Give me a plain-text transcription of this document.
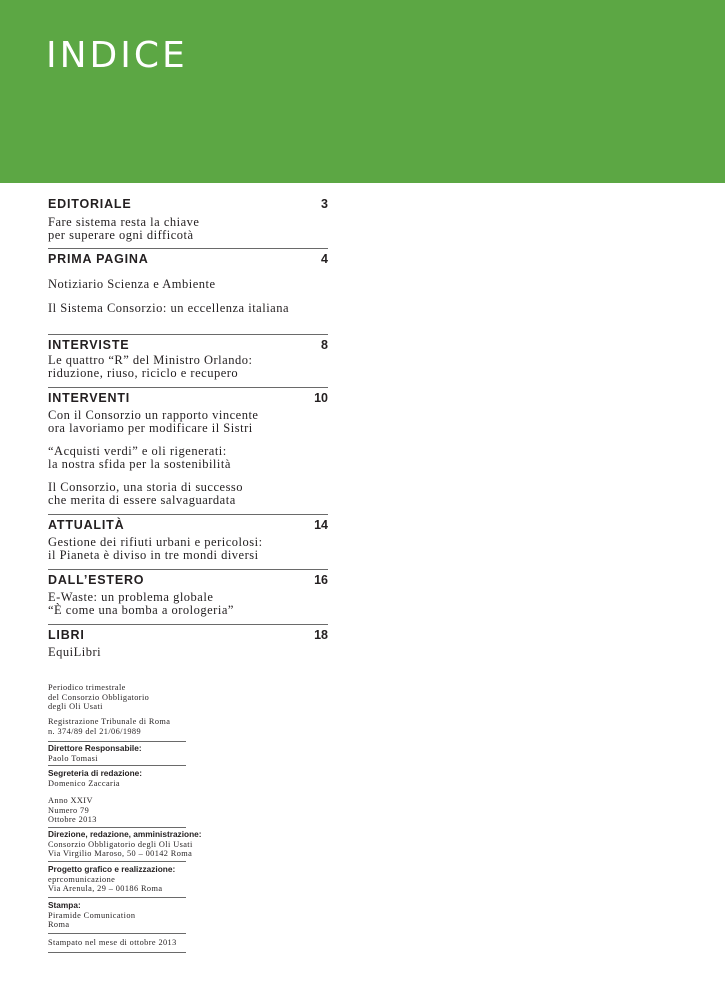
INDICE
EDITORIALE	3

Fare sistema resta la chiave
per superare ogni difficotà

PRIMA PAGINA	4

Notiziario Scienza e Ambiente

Il Sistema Consorzio: un eccellenza italiana

INTERVISTE	8

Le quattro “R” del Ministro Orlando:
riduzione, riuso, riciclo e recupero

INTERVENTI	10

Con il Consorzio un rapporto vincente
ora lavoriamo per modificare il Sistri

“Acquisti verdi” e oli rigenerati:
la nostra sfida per la sostenibilità

Il Consorzio, una storia di successo
che merita di essere salvaguardata

ATTUALITÀ	14

Gestione dei rifiuti urbani e pericolosi:
il Pianeta è diviso in tre mondi diversi

DALL’ESTERO	16

E-Waste: un problema globale
“È come una bomba a orologeria”

LIBRI	18

EquiLibri

Periodico trimestrale
del Consorzio Obbligatorio
degli Oli Usati
Registrazione Tribunale di Roma
n. 374/89 del 21/06/1989
Direttore Responsabile:
Paolo Tomasi
Segreteria di redazione:
Domenico Zaccaria
Anno XXIV
Numero 79
Ottobre 2013
Direzione, redazione, amministrazione:
Consorzio Obbligatorio degli Oli Usati
Via Virgilio Maroso, 50 – 00142 Roma
Progetto grafico e realizzazione:
eprcomunicazione
Via Arenula, 29 – 00186 Roma
Stampa:
Piramide Comunication
Roma
Stampato nel mese di ottobre 2013
